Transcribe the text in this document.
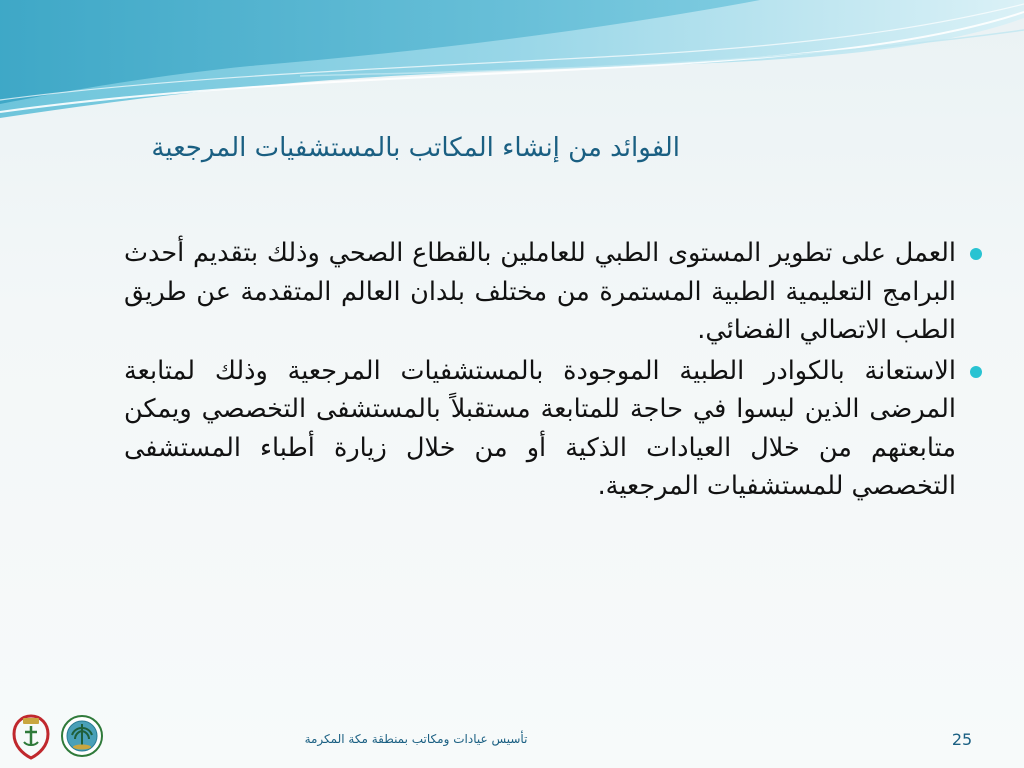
الفوائد من إنشاء المكاتب بالمستشفيات المرجعية
العمل على تطوير المستوى الطبي للعاملين بالقطاع الصحي وذلك بتقديم أحدث البرامج التعليمية الطبية المستمرة من مختلف بلدان العالم المتقدمة عن طريق الطب الاتصالي الفضائي.
الاستعانة بالكوادر الطبية الموجودة بالمستشفيات المرجعية وذلك لمتابعة المرضى الذين ليسوا في حاجة للمتابعة مستقبلاً بالمستشفى التخصصي ويمكن متابعتهم من خلال العيادات الذكية أو من خلال زيارة أطباء المستشفى التخصصي للمستشفيات المرجعية.
تأسيس عيادات ومكاتب بمنطقة مكة المكرمة	25
